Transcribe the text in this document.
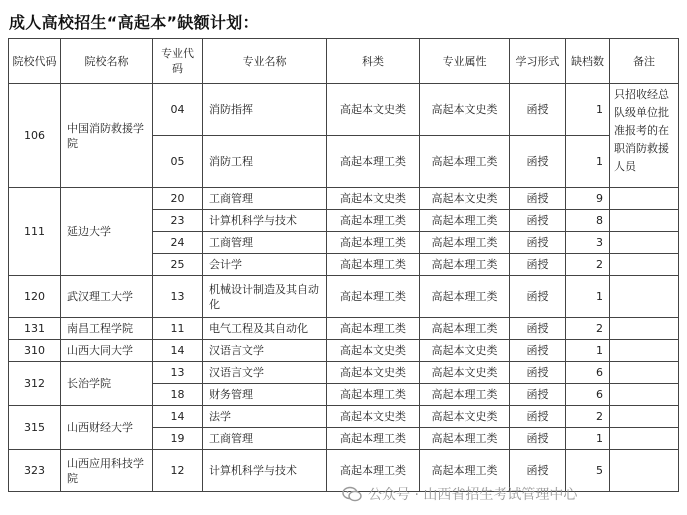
成人高校招生“高起本”缺额计划：
院校代码	院校名称	专业代码	专业名称	科类	专业属性	学习形式	缺档数	备注
106	中国消防救援学院	04	消防指挥	高起本文史类	高起本文史类	函授	1	只招收经总队级单位批准报考的在职消防救援人员
		05	消防工程	高起本理工类	高起本理工类	函授	1	
111	延边大学	20	工商管理	高起本文史类	高起本文史类	函授	9	
		23	计算机科学与技术	高起本理工类	高起本理工类	函授	8	
		24	工商管理	高起本理工类	高起本理工类	函授	3	
		25	会计学	高起本理工类	高起本理工类	函授	2	
120	武汉理工大学	13	机械设计制造及其自动化	高起本理工类	高起本理工类	函授	1	
131	南昌工程学院	11	电气工程及其自动化	高起本理工类	高起本理工类	函授	2	
310	山西大同大学	14	汉语言文学	高起本文史类	高起本文史类	函授	1	
312	长治学院	13	汉语言文学	高起本文史类	高起本文史类	函授	6	
		18	财务管理	高起本理工类	高起本理工类	函授	6	
315	山西财经大学	14	法学	高起本文史类	高起本文史类	函授	2	
		19	工商管理	高起本理工类	高起本理工类	函授	1	
323	山西应用科技学院	12	计算机科学与技术	高起本理工类	高起本理工类	函授	5	
公众号 · 山西省招生考试管理中心
